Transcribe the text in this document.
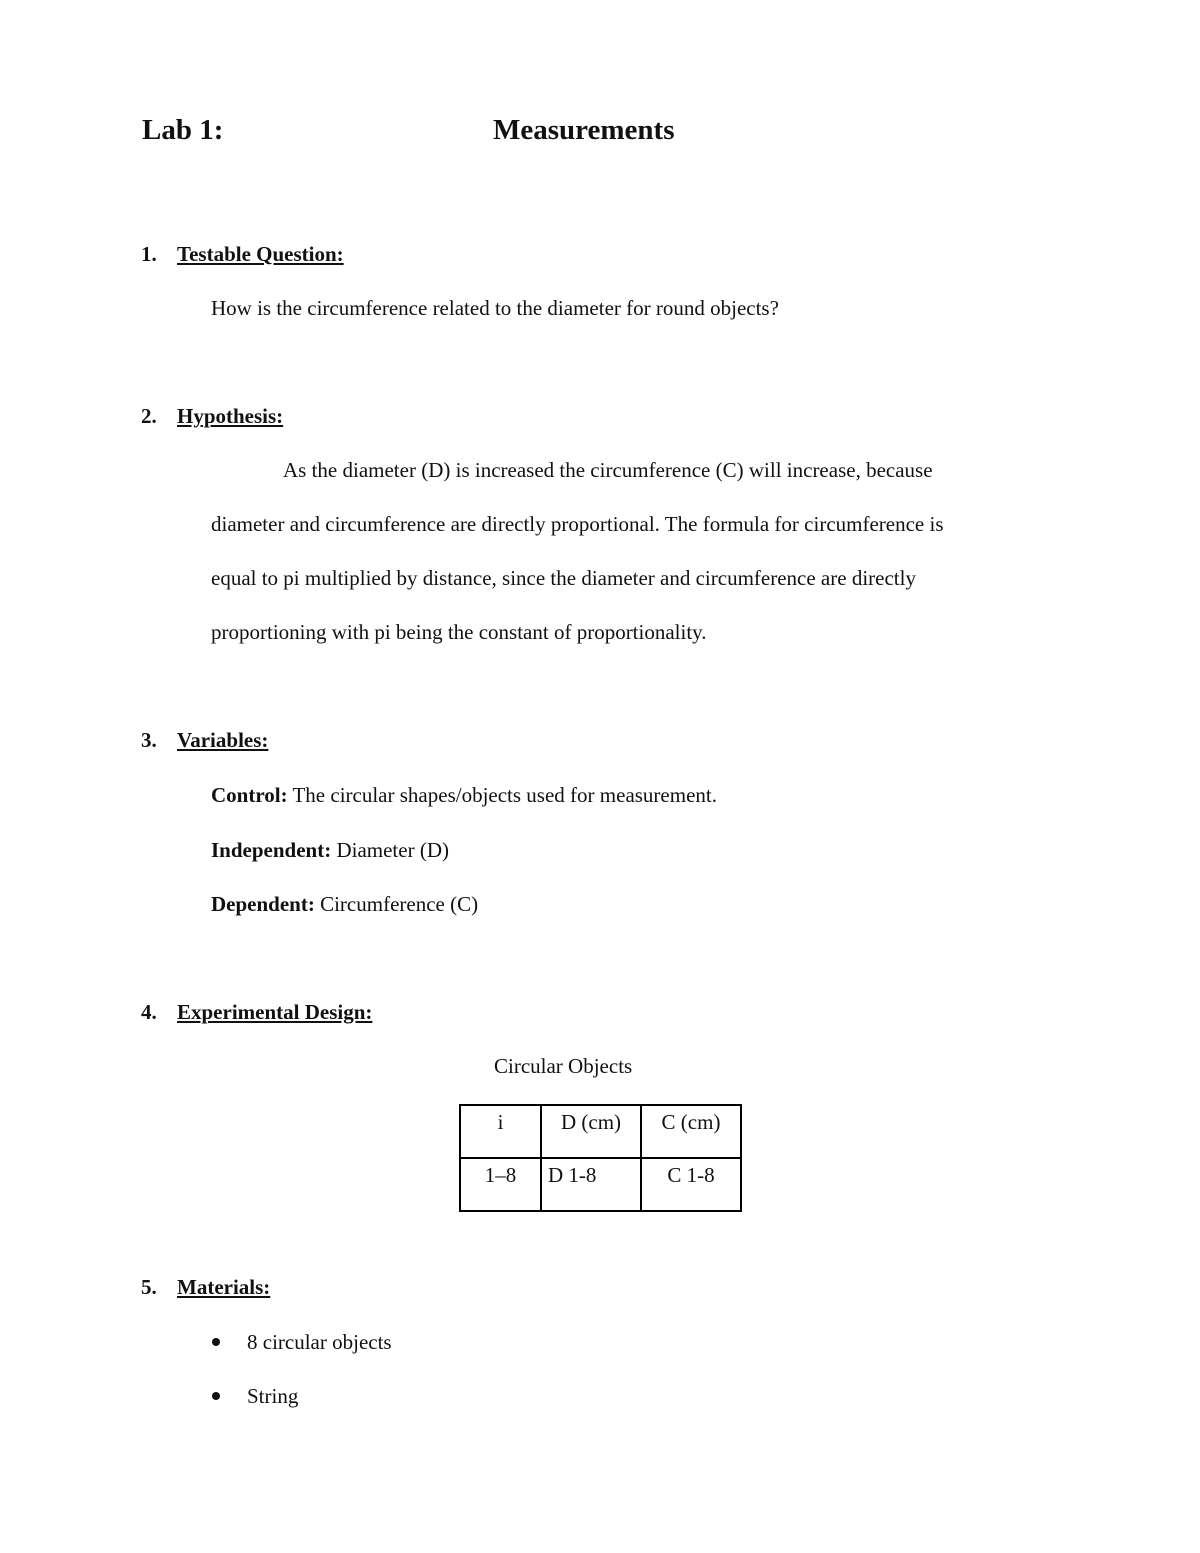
Lab 1:	Measurements
1. Testable Question:
How is the circumference related to the diameter for round objects?
2. Hypothesis:
As the diameter (D) is increased the circumference (C) will increase, because
diameter and circumference are directly proportional. The formula for circumference is
equal to pi multiplied by distance, since the diameter and circumference are directly
proportioning with pi being the constant of proportionality.
3. Variables:
Control: The circular shapes/objects used for measurement.
Independent: Diameter (D)
Dependent: Circumference (C)
4. Experimental Design:
Circular Objects
i	D (cm)	C (cm)
1–8	D 1-8	C 1-8
5. Materials:
8 circular objects
String
